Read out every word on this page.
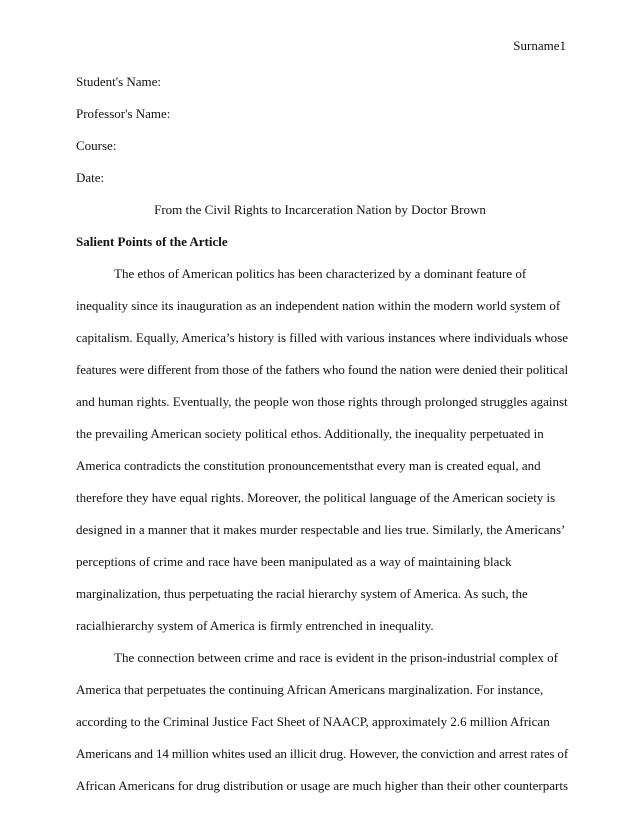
Surname1
Student's Name:
Professor's Name:
Course:
Date:
From the Civil Rights to Incarceration Nation by Doctor Brown
Salient Points of the Article
The ethos of American politics has been characterized by a dominant feature of
inequality since its inauguration as an independent nation within the modern world system of
capitalism. Equally, America’s history is filled with various instances where individuals whose
features were different from those of the fathers who found the nation were denied their political
and human rights. Eventually, the people won those rights through prolonged struggles against
the prevailing American society political ethos. Additionally, the inequality perpetuated in
America contradicts the constitution pronouncementsthat every man is created equal, and
therefore they have equal rights. Moreover, the political language of the American society is
designed in a manner that it makes murder respectable and lies true. Similarly, the Americans’
perceptions of crime and race have been manipulated as a way of maintaining black
marginalization, thus perpetuating the racial hierarchy system of America. As such, the
racialhierarchy system of America is firmly entrenched in inequality.
The connection between crime and race is evident in the prison-industrial complex of
America that perpetuates the continuing African Americans marginalization. For instance,
according to the Criminal Justice Fact Sheet of NAACP, approximately 2.6 million African
Americans and 14 million whites used an illicit drug. However, the conviction and arrest rates of
African Americans for drug distribution or usage are much higher than their other counterparts
